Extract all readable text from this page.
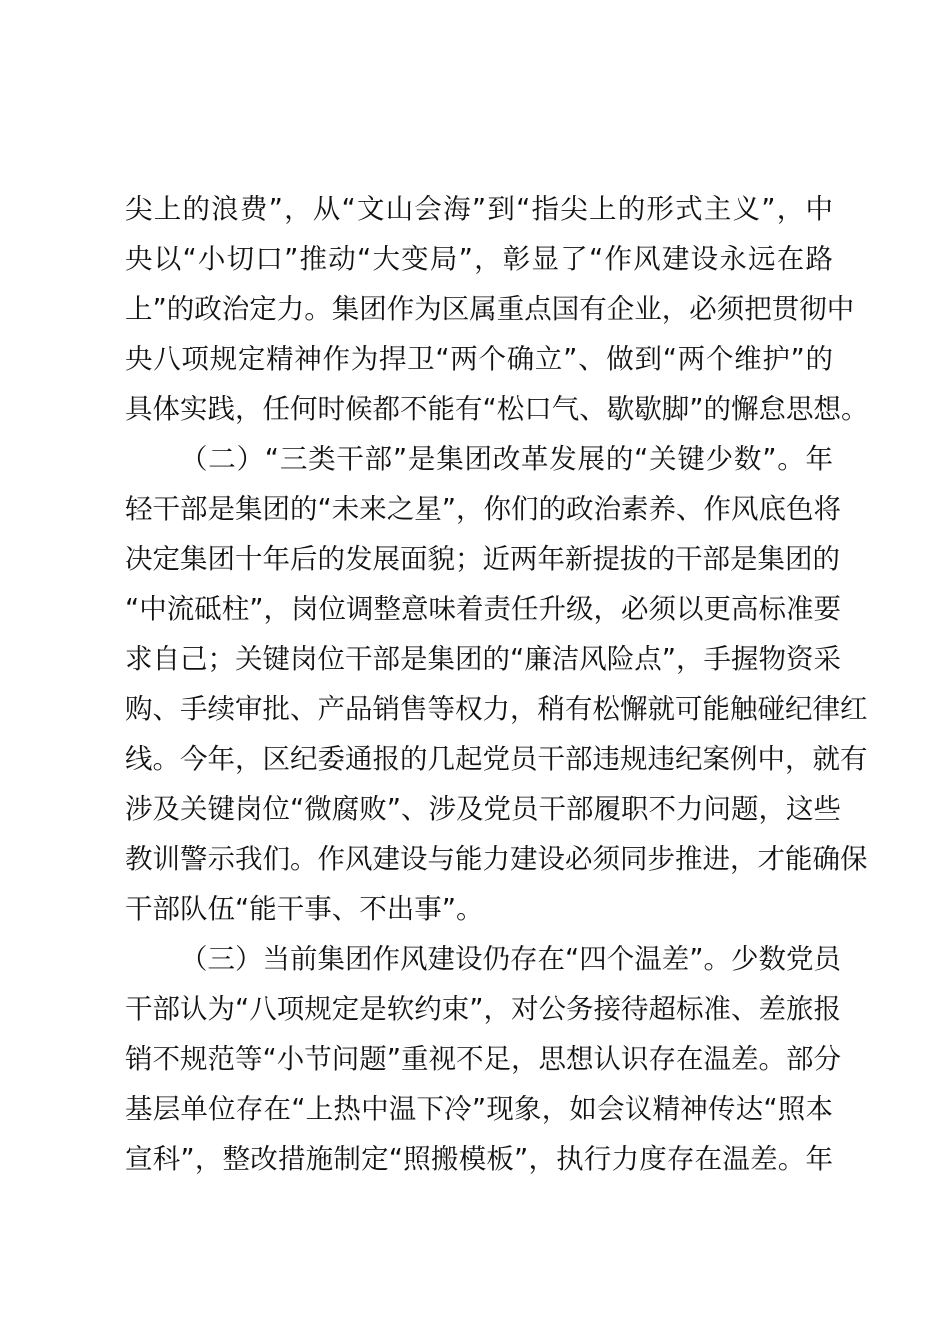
尖上的浪费”，从“文山会海”到“指尖上的形式主义”，中
央以“小切口”推动“大变局”，彰显了“作风建设永远在路
上”的政治定力。集团作为区属重点国有企业，必须把贯彻中
央八项规定精神作为捍卫“两个确立”、做到“两个维护”的
具体实践，任何时候都不能有“松口气、歇歇脚”的懈怠思想。
（二）“三类干部”是集团改革发展的“关键少数”。年
轻干部是集团的“未来之星”，你们的政治素养、作风底色将
决定集团十年后的发展面貌；近两年新提拔的干部是集团的
“中流砥柱”，岗位调整意味着责任升级，必须以更高标准要
求自己；关键岗位干部是集团的“廉洁风险点”，手握物资采
购、手续审批、产品销售等权力，稍有松懈就可能触碰纪律红
线。今年，区纪委通报的几起党员干部违规违纪案例中，就有
涉及关键岗位“微腐败”、涉及党员干部履职不力问题，这些
教训警示我们。作风建设与能力建设必须同步推进，才能确保
干部队伍“能干事、不出事”。
（三）当前集团作风建设仍存在“四个温差”。少数党员
干部认为“八项规定是软约束”，对公务接待超标准、差旅报
销不规范等“小节问题”重视不足，思想认识存在温差。部分
基层单位存在“上热中温下冷”现象，如会议精神传达“照本
宣科”，整改措施制定“照搬模板”，执行力度存在温差。年
